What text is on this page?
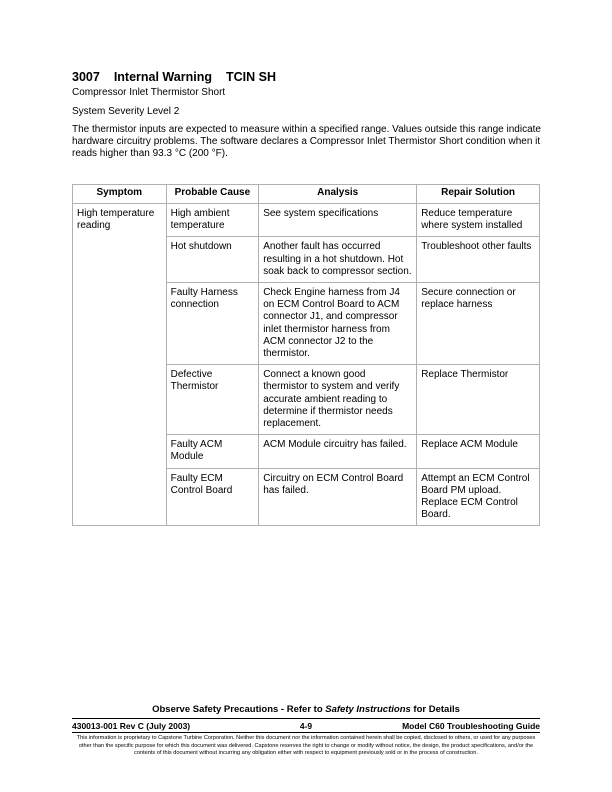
3007 Internal Warning TCIN SH
Compressor Inlet Thermistor Short
System Severity Level 2
The thermistor inputs are expected to measure within a specified range. Values outside this range indicate hardware circuitry problems. The software declares a Compressor Inlet Thermistor Short condition when it reads higher than 93.3 °C (200 °F).
Symptom	Probable Cause	Analysis	Repair Solution
High temperature reading	High ambient temperature	See system specifications	Reduce temperature where system installed
	Hot shutdown	Another fault has occurred resulting in a hot shutdown. Hot soak back to compressor section.	Troubleshoot other faults
	Faulty Harness connection	Check Engine harness from J4 on ECM Control Board to ACM connector J1, and compressor inlet thermistor harness from ACM connector J2 to the thermistor.	Secure connection or replace harness
	Defective Thermistor	Connect a known good thermistor to system and verify accurate ambient reading to determine if thermistor needs replacement.	Replace Thermistor
	Faulty ACM Module	ACM Module circuitry has failed.	Replace ACM Module
	Faulty ECM Control Board	Circuitry on ECM Control Board has failed.	Attempt an ECM Control Board PM upload. Replace ECM Control Board.
Observe Safety Precautions - Refer to Safety Instructions for Details
430013-001 Rev C (July 2003)	4-9	Model C60 Troubleshooting Guide
This information is proprietary to Capstone Turbine Corporation. Neither this document nor the information contained herein shall be copied, disclosed to others, or used for any purposes other than the specific purpose for which this document was delivered. Capstone reserves the right to change or modify without notice, the design, the product specifications, and/or the contents of this document without incurring any obligation either with respect to equipment previously sold or in the process of construction.
